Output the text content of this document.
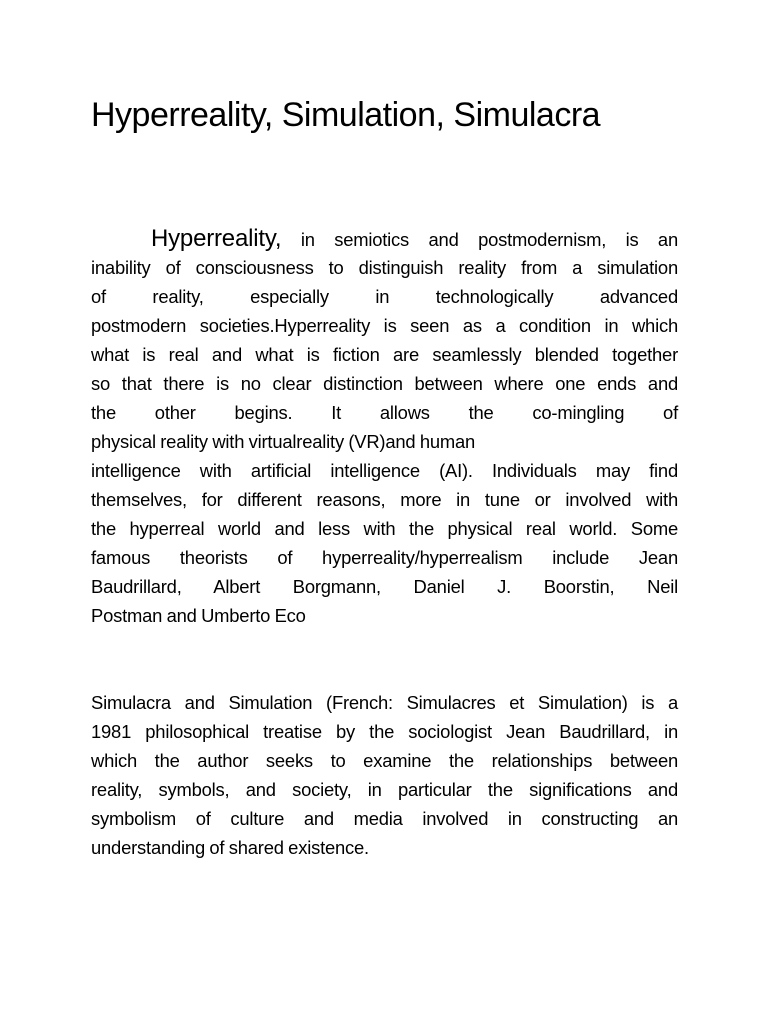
Hyperreality, Simulation, Simulacra
Hyperreality, in semiotics and postmodernism, is an
inability of consciousness to distinguish reality from a simulation
of reality, especially in technologically advanced
postmodern societies.Hyperreality is seen as a condition in which
what is real and what is fiction are seamlessly blended together
so that there is no clear distinction between where one ends and
the other begins. It allows the co-mingling of
physical reality with virtualreality (VR)and human
intelligence with artificial intelligence (AI). Individuals may find
themselves, for different reasons, more in tune or involved with
the hyperreal world and less with the physical real world. Some
famous theorists of hyperreality/hyperrealism include Jean
Baudrillard, Albert Borgmann, Daniel J. Boorstin, Neil
Postman and Umberto Eco
Simulacra and Simulation (French: Simulacres et Simulation) is a
1981 philosophical treatise by the sociologist Jean Baudrillard, in
which the author seeks to examine the relationships between
reality, symbols, and society, in particular the significations and
symbolism of culture and media involved in constructing an
understanding of shared existence.
